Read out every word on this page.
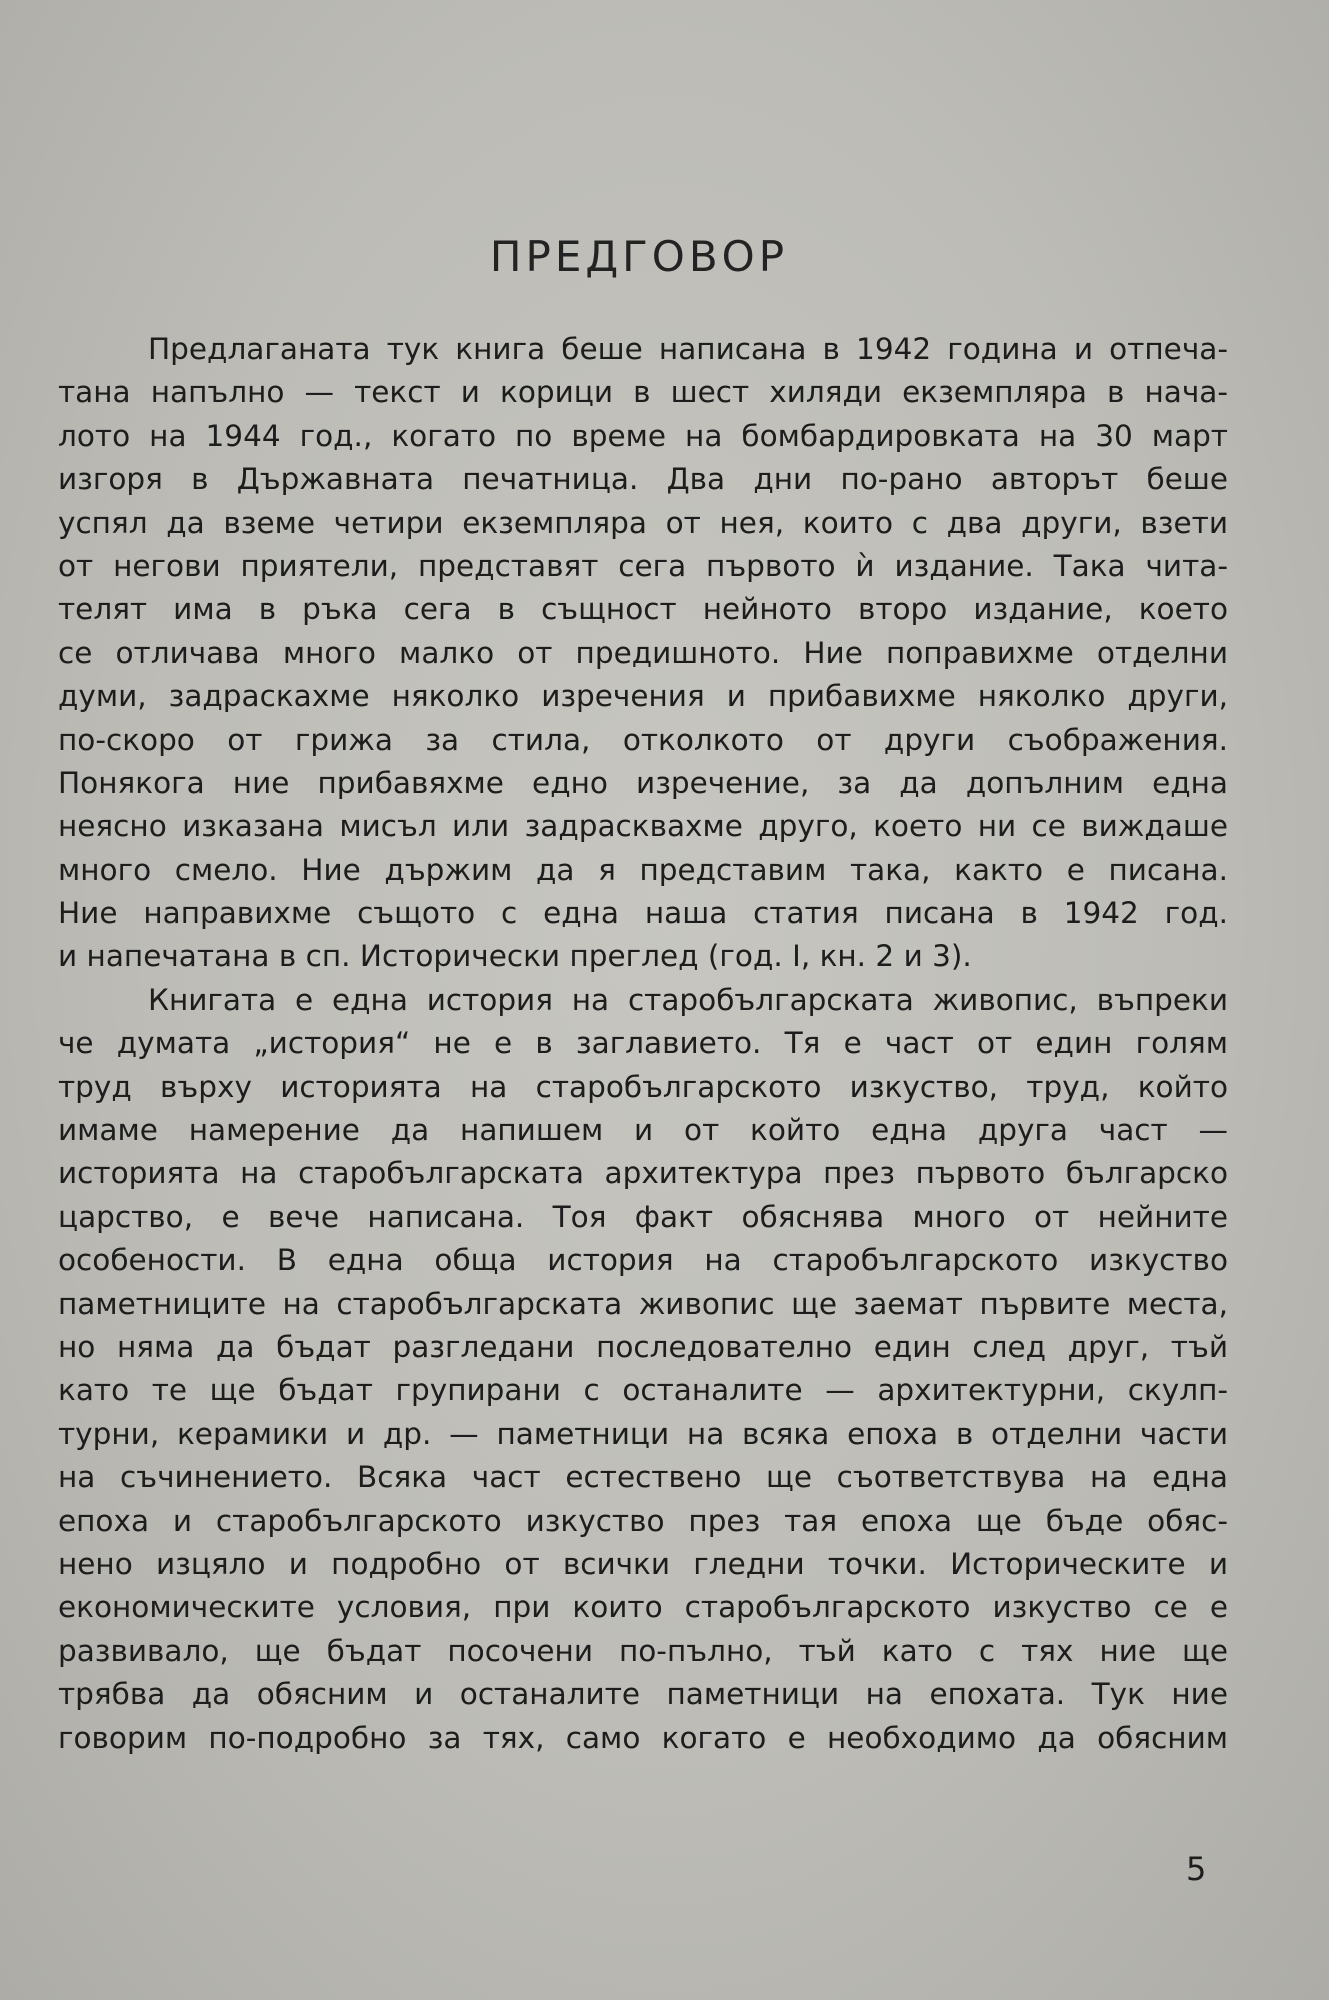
ПРЕДГОВОР
Предлаганата тук книга беше написана в 1942 година и отпеча-
тана напълно — текст и корици в шест хиляди екземпляра в нача-
лото на 1944 год., когато по време на бомбардировката на 30 март
изгоря в Държавната печатница. Два дни по-рано авторът беше
успял да вземе четири екземпляра от нея, които с два други, взети
от негови приятели, представят сега първото ѝ издание. Така чита-
телят има в ръка сега в същност нейното второ издание, което
се отличава много малко от предишното. Ние поправихме отделни
думи, задраскахме няколко изречения и прибавихме няколко други,
по-скоро от грижа за стила, отколкото от други съображения.
Понякога ние прибавяхме едно изречение, за да допълним една
неясно изказана мисъл или задрасквахме друго, което ни се виждаше
много смело. Ние държим да я представим така, както е писана.
Ние направихме същото с една наша статия писана в 1942 год.
и напечатана в сп. Исторически преглед (год. I, кн. 2 и 3).
Книгата е една история на старобългарската живопис, въпреки
че думата „история“ не е в заглавието. Тя е част от един голям
труд върху историята на старобългарското изкуство, труд, който
имаме намерение да напишем и от който една друга част —
историята на старобългарската архитектура през първото българско
царство, е вече написана. Тоя факт обяснява много от нейните
особености. В една обща история на старобългарското изкуство
паметниците на старобългарската живопис ще заемат първите места,
но няма да бъдат разгледани последователно един след друг, тъй
като те ще бъдат групирани с останалите — архитектурни, скулп-
турни, керамики и др. — паметници на всяка епоха в отделни части
на съчинението. Всяка част естествено ще съответствува на една
епоха и старобългарското изкуство през тая епоха ще бъде обяс-
нено изцяло и подробно от всички гледни точки. Историческите и
економическите условия, при които старобългарското изкуство се е
развивало, ще бъдат посочени по-пълно, тъй като с тях ние ще
трябва да обясним и останалите паметници на епохата. Тук ние
говорим по-подробно за тях, само когато е необходимо да обясним
5
